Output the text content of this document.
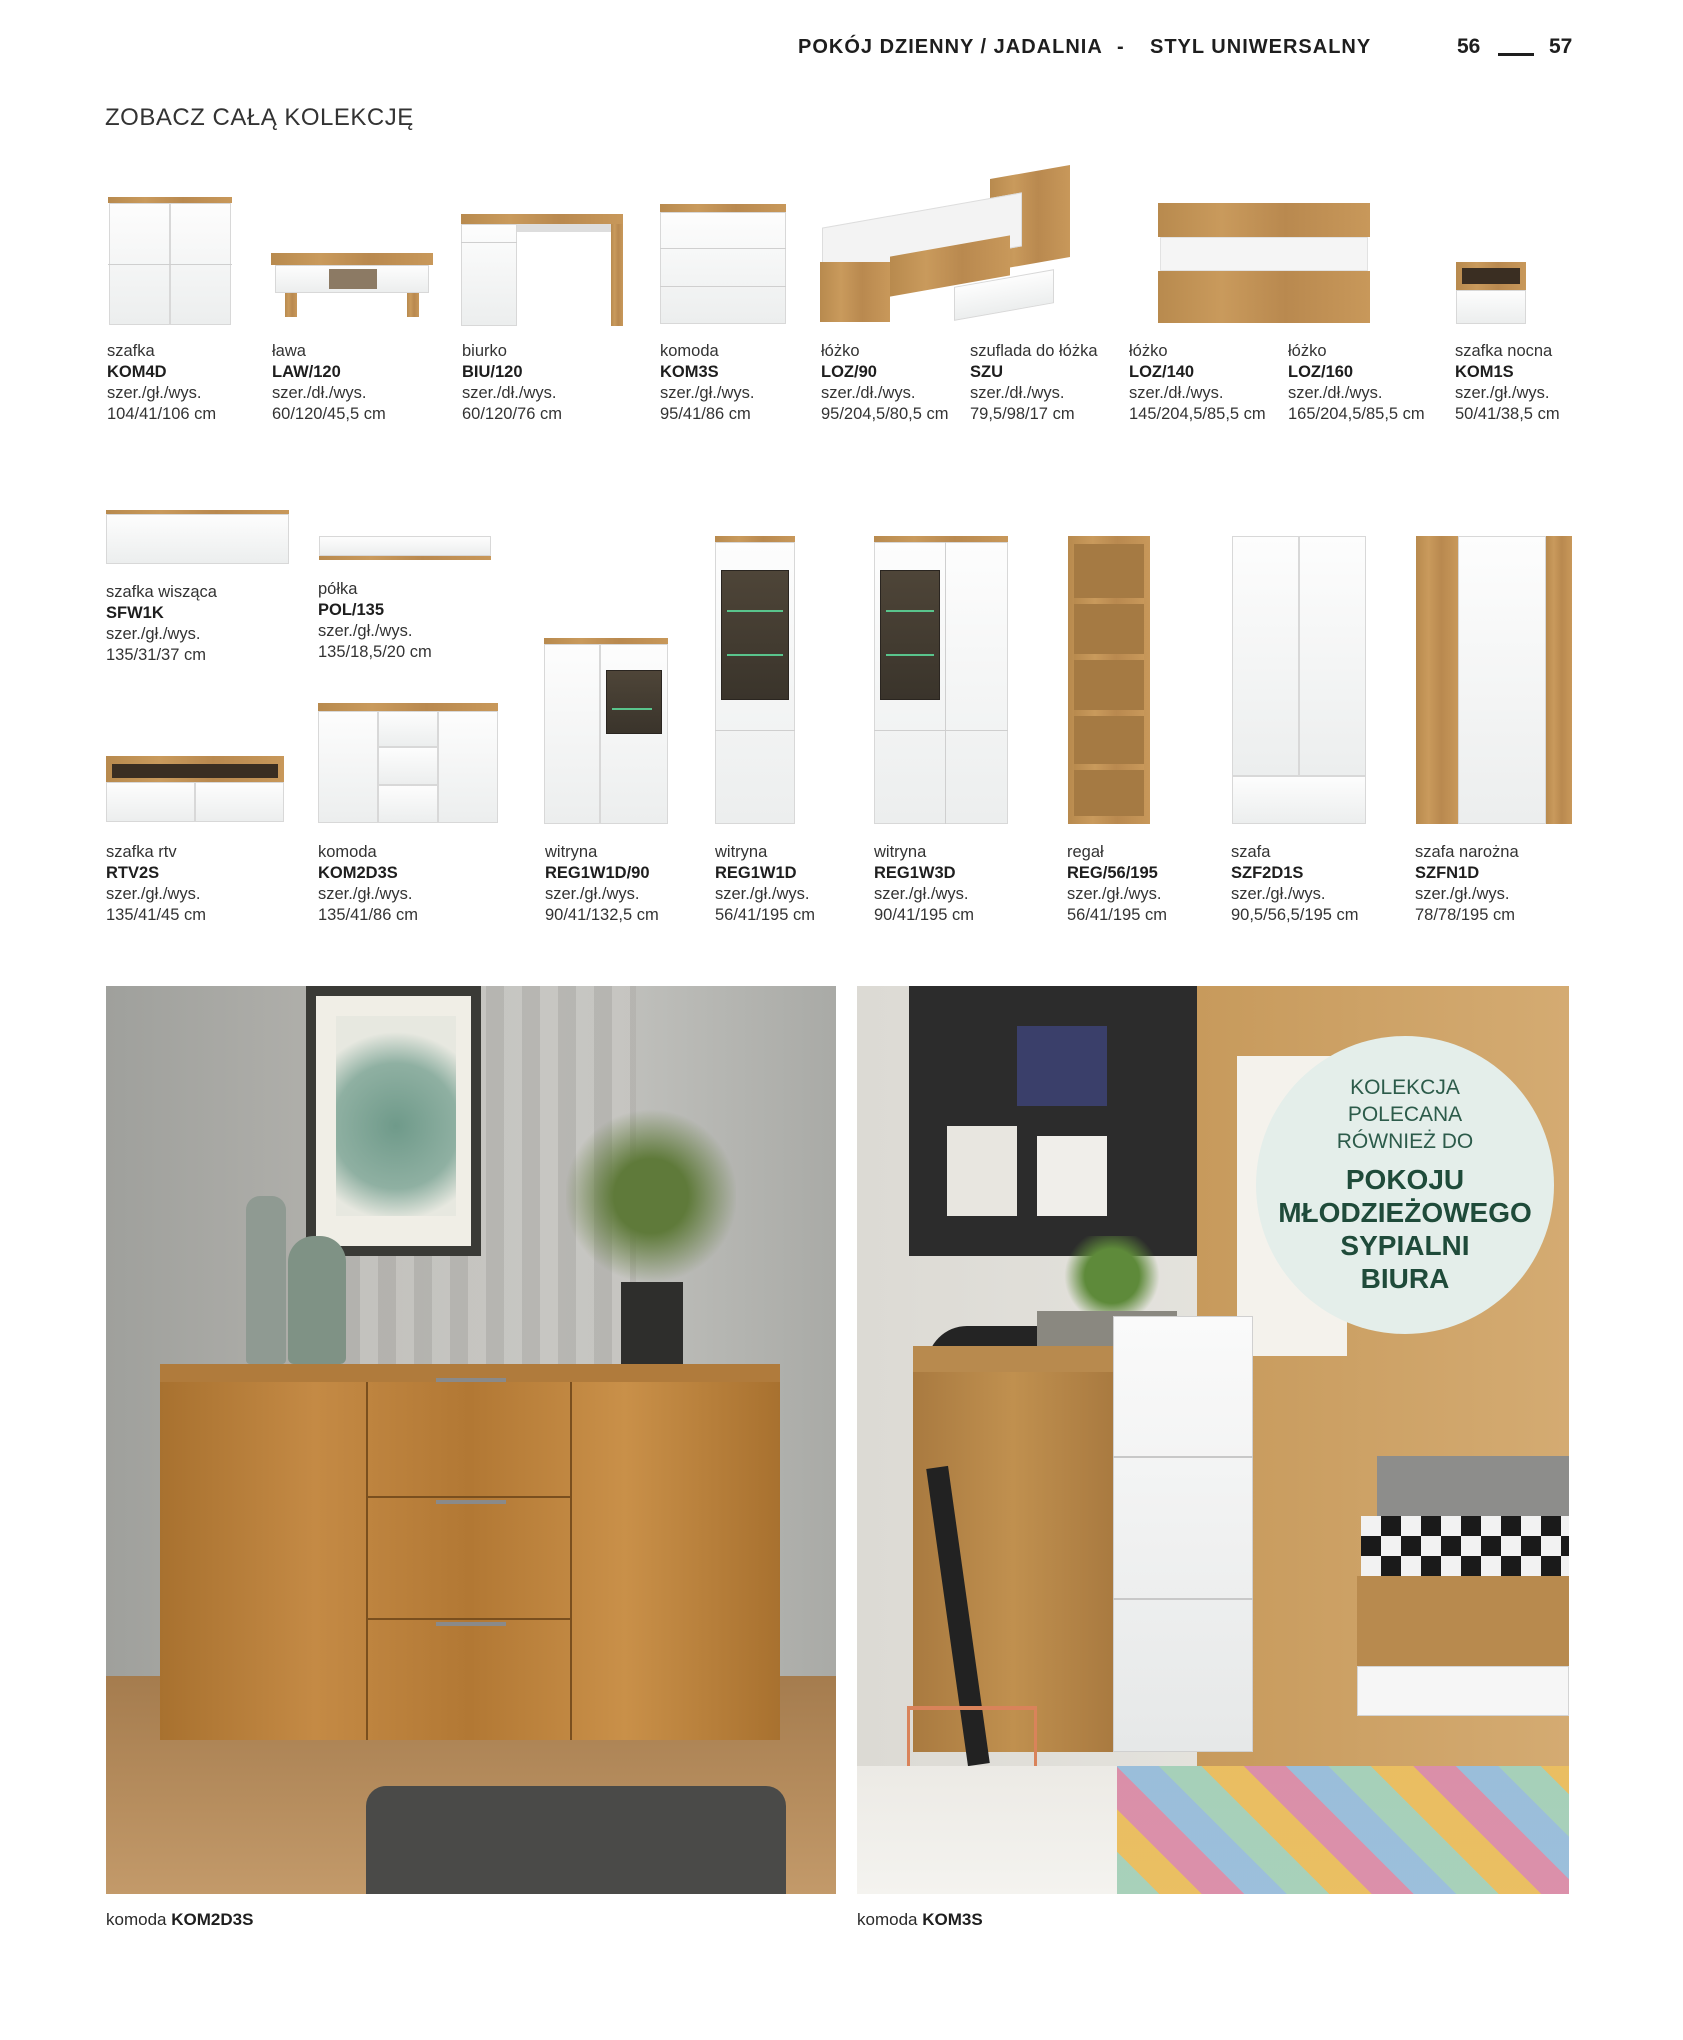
POKÓJ DZIENNY / JADALNIA - STYL UNIWERSALNY	56	57
ZOBACZ CAŁĄ KOLEKCJĘ
szafka
KOM4D
szer./gł./wys.
104/41/106 cm
ława
LAW/120
szer./dł./wys.
60/120/45,5 cm
biurko
BIU/120
szer./dł./wys.
60/120/76 cm
komoda
KOM3S
szer./gł./wys.
95/41/86 cm
łóżko
LOZ/90
szer./dł./wys.
95/204,5/80,5 cm
szuflada do łóżka
SZU
szer./dł./wys.
79,5/98/17 cm
łóżko
LOZ/140
szer./dł./wys.
145/204,5/85,5 cm
łóżko
LOZ/160
szer./dł./wys.
165/204,5/85,5 cm
szafka nocna
KOM1S
szer./gł./wys.
50/41/38,5 cm
szafka wisząca
SFW1K
szer./gł./wys.
135/31/37 cm
półka
POL/135
szer./gł./wys.
135/18,5/20 cm
szafka rtv
RTV2S
szer./gł./wys.
135/41/45 cm
komoda
KOM2D3S
szer./gł./wys.
135/41/86 cm
witryna
REG1W1D/90
szer./gł./wys.
90/41/132,5 cm
witryna
REG1W1D
szer./gł./wys.
56/41/195 cm
witryna
REG1W3D
szer./gł./wys.
90/41/195 cm
regał
REG/56/195
szer./gł./wys.
56/41/195 cm
szafa
SZF2D1S
szer./gł./wys.
90,5/56,5/195 cm
szafa narożna
SZFN1D
szer./gł./wys.
78/78/195 cm
KOLEKCJA
POLECANA
RÓWNIEŻ DO
POKOJU
MŁODZIEŻOWEGO
SYPIALNI
BIURA
komoda KOM2D3S	komoda KOM3S
